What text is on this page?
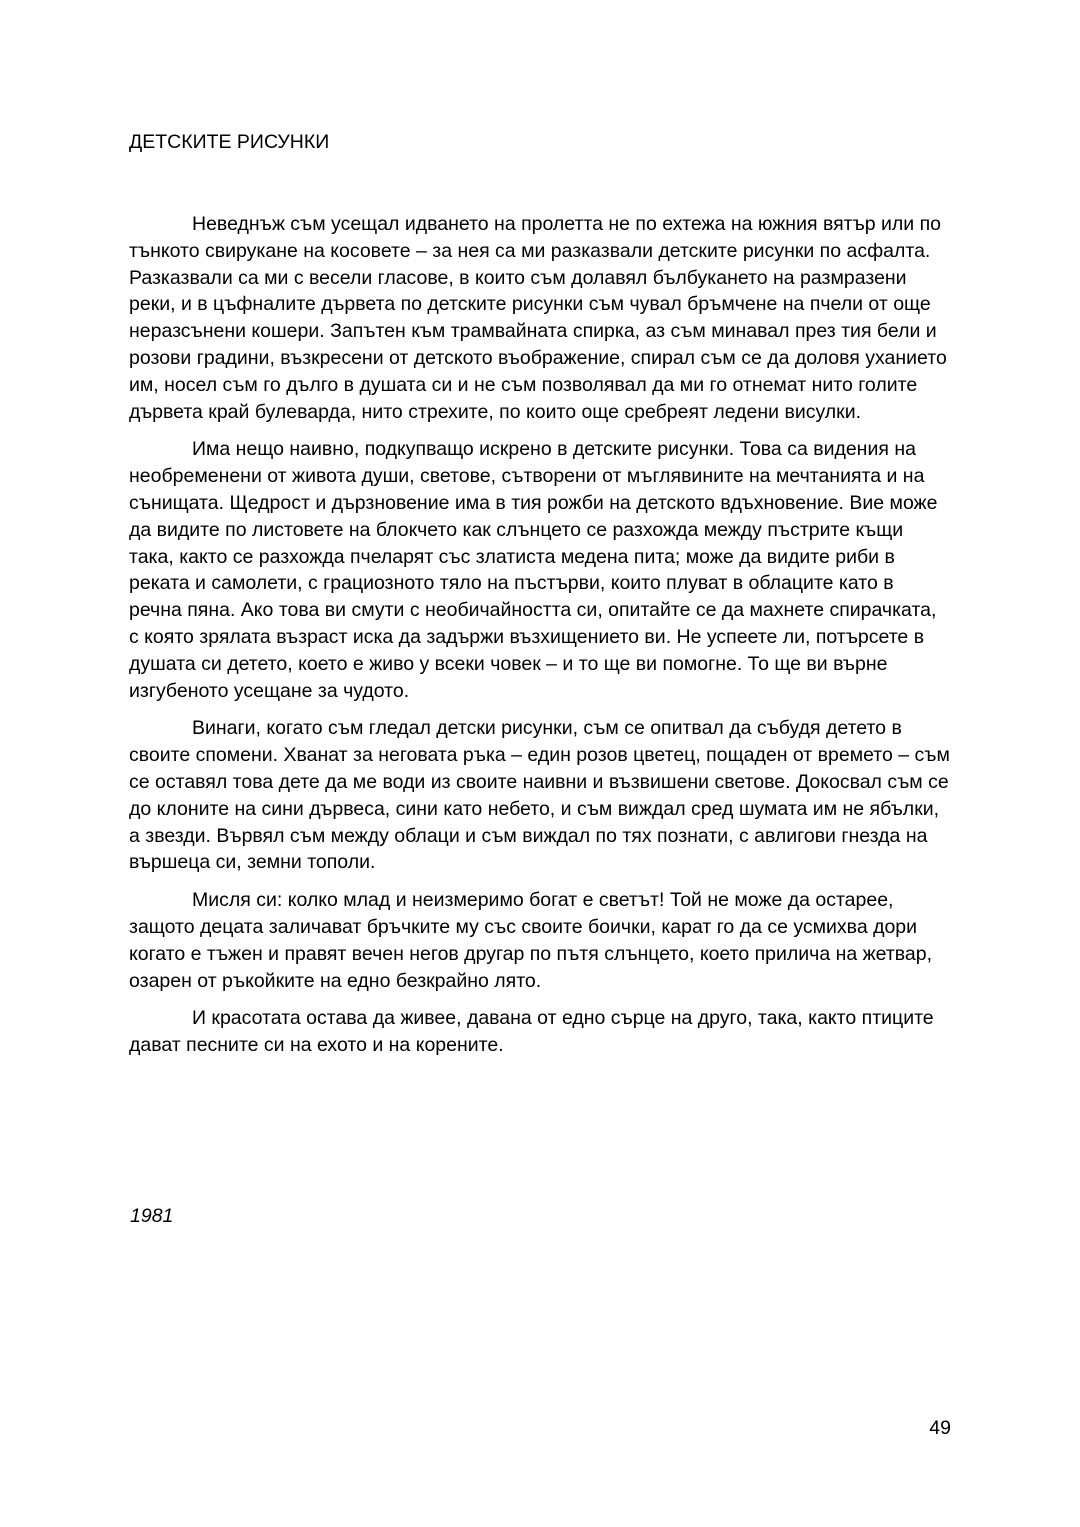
ДЕТСКИТЕ РИСУНКИ

Неведнъж съм усещал идването на пролетта не по ехтежа на южния вятър или по тънкото свирукане на косовете – за нея са ми разказвали детските рисунки по асфалта. Разказвали са ми с весели гласове, в които съм долавял бълбукането на размразени реки, и в цъфналите дървета по детските рисунки съм чувал бръмчене на пчели от още неразсънени кошери. Запътен към трамвайната спирка, аз съм минавал през тия бели и розови градини, възкресени от детското въображение, спирал съм се да доловя уханието им, носел съм го дълго в душата си и не съм позволявал да ми го отнемат нито голите дървета край булеварда, нито стрехите, по които още сребреят ледени висулки.

Има нещо наивно, подкупващо искрено в детските рисунки. Това са видения на необременени от живота души, светове, сътворени от мъглявините на мечтанията и на сънищата. Щедрост и дързновение има в тия рожби на детското вдъхновение. Вие може да видите по листовете на блокчето как слънцето се разхожда между пъстрите къщи така, както се разхожда пчеларят със златиста медена пита; може да видите риби в реката и самолети, с грациозното тяло на пъстърви, които плуват в облаците като в речна пяна. Ако това ви смути с необичайността си, опитайте се да махнете спирачката, с която зрялата възраст иска да задържи възхищението ви. Не успеете ли, потърсете в душата си детето, което е живо у всеки човек – и то ще ви помогне. То ще ви върне изгубеното усещане за чудото.

Винаги, когато съм гледал детски рисунки, съм се опитвал да събудя детето в своите спомени. Хванат за неговата ръка – един розов цветец, пощаден от времето – съм се оставял това дете да ме води из своите наивни и възвишени светове. Докосвал съм се до клоните на сини дървеса, сини като небето, и съм виждал сред шумата им не ябълки, а звезди. Вървял съм между облаци и съм виждал по тях познати, с авлигови гнезда на вършеца си, земни тополи.

Мисля си: колко млад и неизмеримо богат е светът! Той не може да остарее, защото децата заличават бръчките му със своите боички, карат го да се усмихва дори когато е тъжен и правят вечен негов другар по пътя слънцето, което прилича на жетвар, озарен от ръкойките на едно безкрайно лято.

И красотата остава да живее, давана от едно сърце на друго, така, както птиците дават песните си на ехото и на корените.

1981

49
